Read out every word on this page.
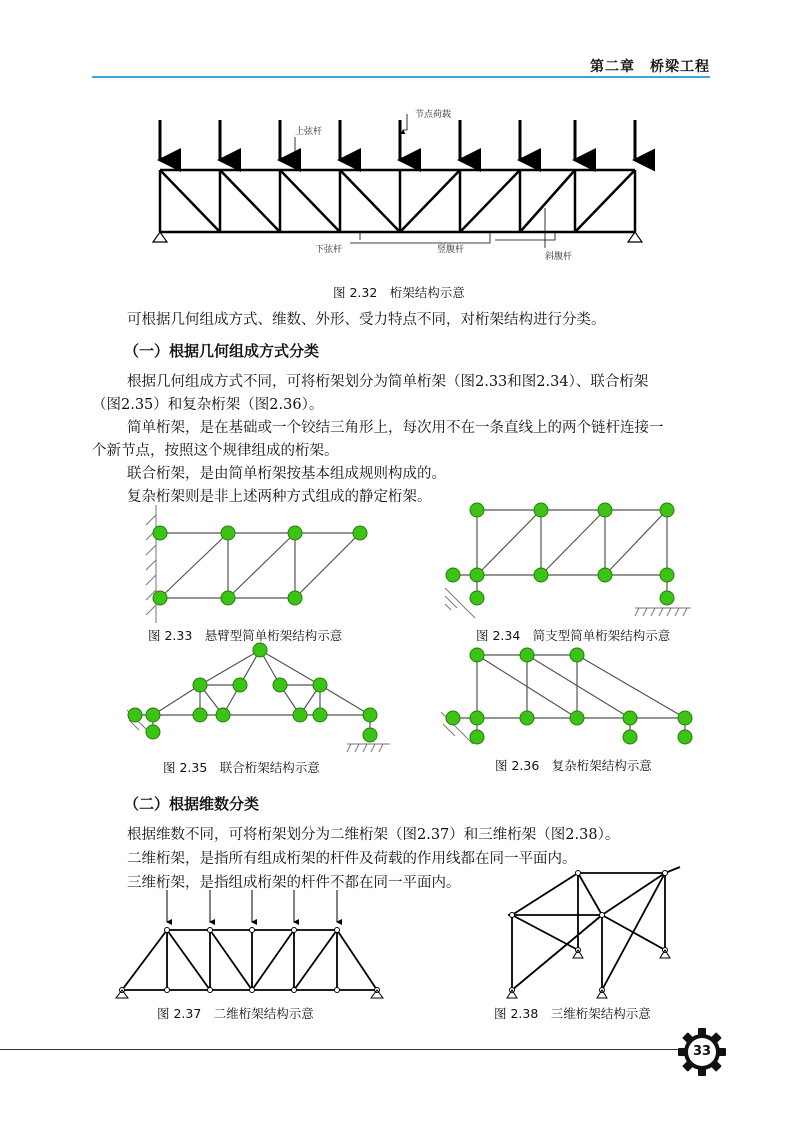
第二章　桥梁工程
节点荷载
上弦杆
下弦杆	竖腹杆
斜腹杆
图 2.32　桁架结构示意
可根据几何组成方式、维数、外形、受力特点不同，对桁架结构进行分类。
（一）根据几何组成方式分类
根据几何组成方式不同，可将桁架划分为简单桁架（图2.33和图2.34）、联合桁架
（图2.35）和复杂桁架（图2.36）。
简单桁架，是在基础或一个铰结三角形上，每次用不在一条直线上的两个链杆连接一
个新节点，按照这个规律组成的桁架。
联合桁架，是由简单桁架按基本组成规则构成的。
复杂桁架则是非上述两种方式组成的静定桁架。
图 2.33　悬臂型简单桁架结构示意	图 2.34　简支型简单桁架结构示意
图 2.35　联合桁架结构示意	图 2.36　复杂桁架结构示意
（二）根据维数分类
根据维数不同，可将桁架划分为二维桁架（图2.37）和三维桁架（图2.38）。
二维桁架，是指所有组成桁架的杆件及荷载的作用线都在同一平面内。
三维桁架，是指组成桁架的杆件不都在同一平面内。
图 2.37　二维桁架结构示意	图 2.38　三维桁架结构示意
33
